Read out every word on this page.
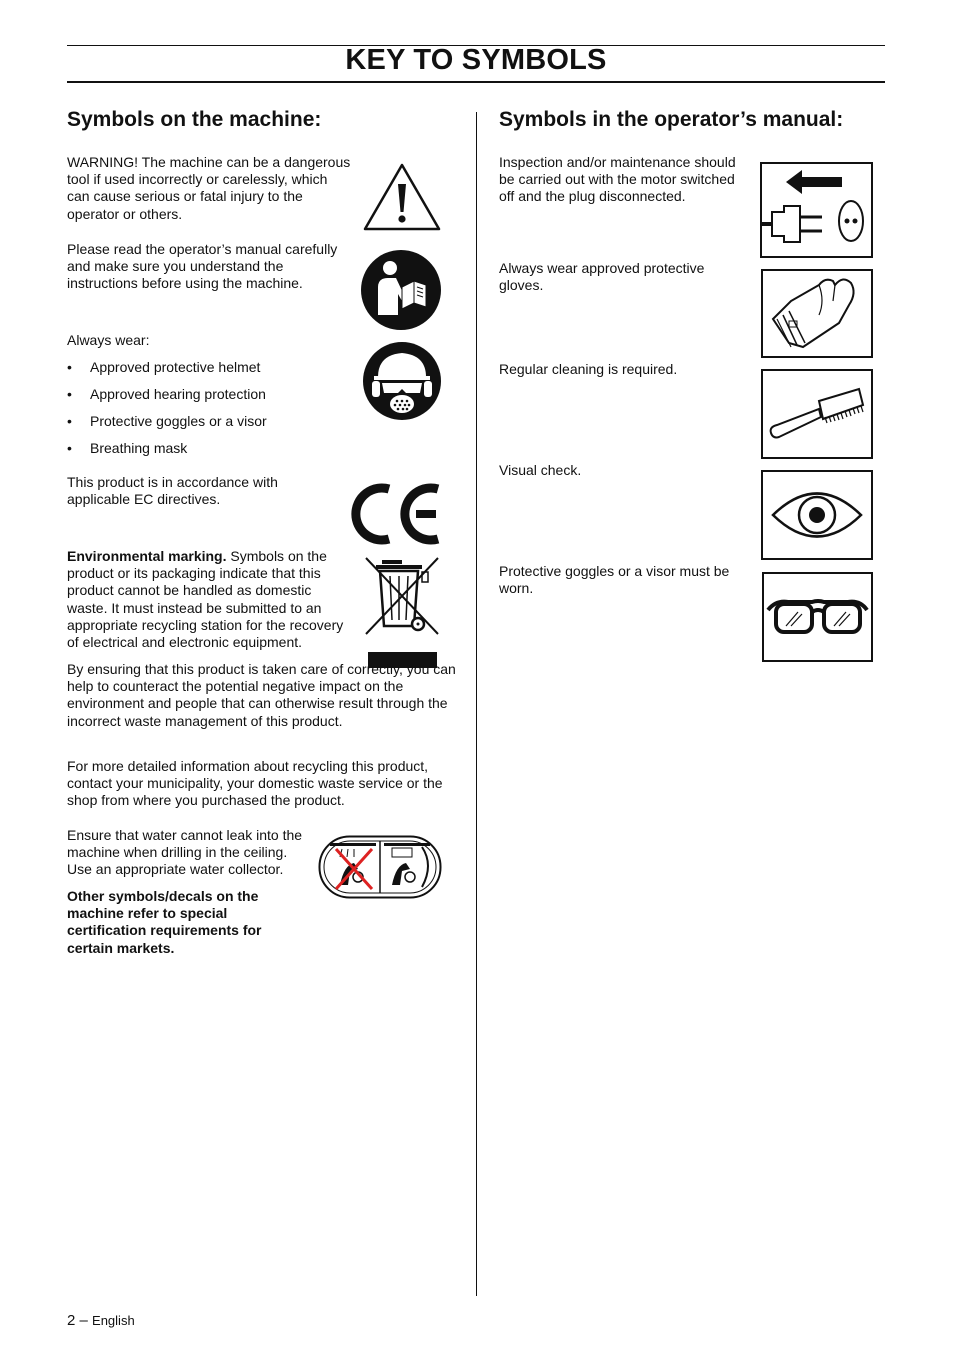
KEY TO SYMBOLS
Symbols on the machine:
WARNING! The machine can be a dangerous tool if used incorrectly or carelessly, which can cause serious or fatal injury to the operator or others.
Please read the operator’s manual carefully and make sure you understand the instructions before using the machine.
Always wear:
• Approved protective helmet
• Approved hearing protection
• Protective goggles or a visor
• Breathing mask
This product is in accordance with applicable EC directives.
Environmental marking. Symbols on the product or its packaging indicate that this product cannot be handled as domestic waste. It must instead be submitted to an appropriate recycling station for the recovery of electrical and electronic equipment.
By ensuring that this product is taken care of correctly, you can help to counteract the potential negative impact on the environment and people that can otherwise result through the incorrect waste management of this product.
For more detailed information about recycling this product, contact your municipality, your domestic waste service or the shop from where you purchased the product.
Ensure that water cannot leak into the machine when drilling in the ceiling. Use an appropriate water collector.
Other symbols/decals on the machine refer to special certification requirements for certain markets.
Symbols in the operator’s manual:
Inspection and/or maintenance should be carried out with the motor switched off and the plug disconnected.
Always wear approved protective gloves.
Regular cleaning is required.
Visual check.
Protective goggles or a visor must be worn.
2 – English
